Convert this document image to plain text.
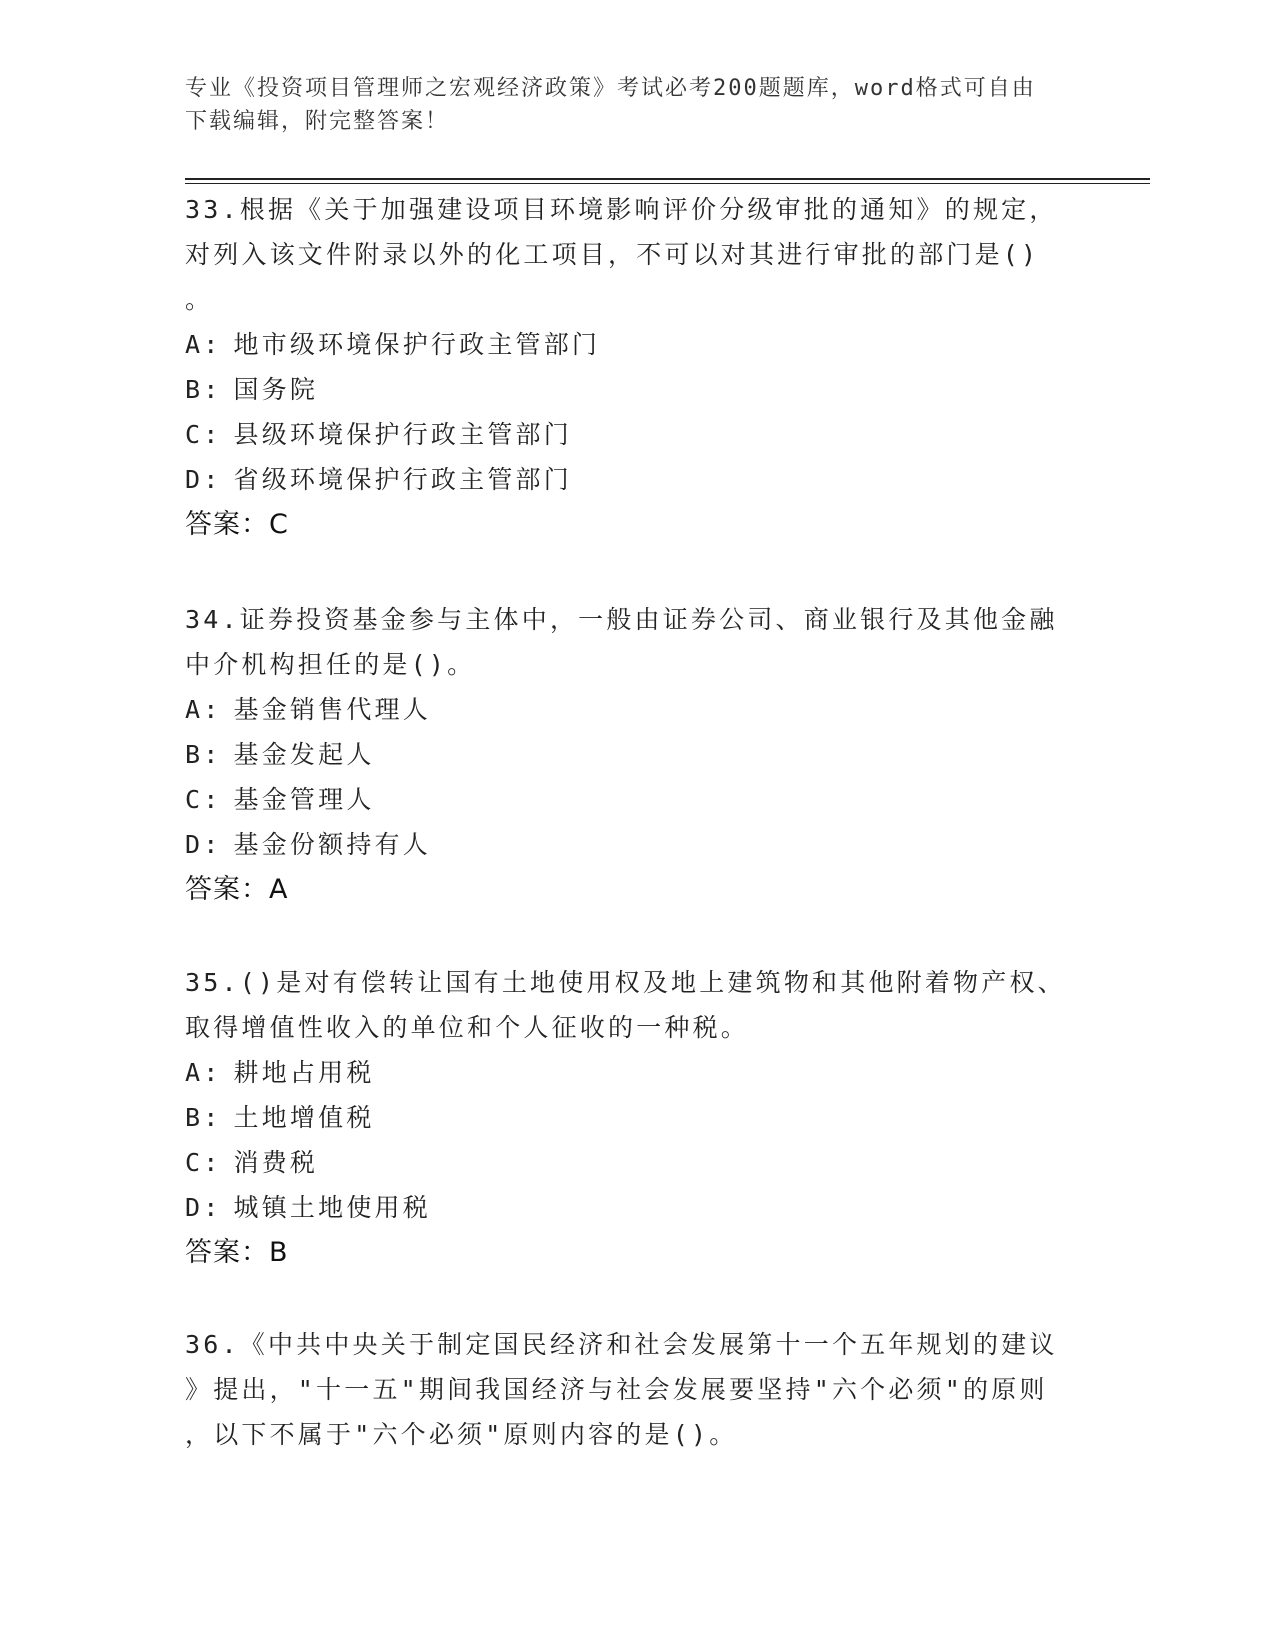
专业《投资项目管理师之宏观经济政策》考试必考200题题库，word格式可自由下载编辑，附完整答案！

33.根据《关于加强建设项目环境影响评价分级审批的通知》的规定，

对列入该文件附录以外的化工项目，不可以对其进行审批的部门是()

。

A: 地市级环境保护行政主管部门

B: 国务院

C: 县级环境保护行政主管部门

D: 省级环境保护行政主管部门

答案：C

34.证券投资基金参与主体中，一般由证券公司、商业银行及其他金融

中介机构担任的是()。

A: 基金销售代理人

B: 基金发起人

C: 基金管理人

D: 基金份额持有人

答案：A

35.()是对有偿转让国有土地使用权及地上建筑物和其他附着物产权、

取得增值性收入的单位和个人征收的一种税。

A: 耕地占用税

B: 土地增值税

C: 消费税

D: 城镇土地使用税

答案：B

36.《中共中央关于制定国民经济和社会发展第十一个五年规划的建议

》提出，"十一五"期间我国经济与社会发展要坚持"六个必须"的原则

，以下不属于"六个必须"原则内容的是()。
